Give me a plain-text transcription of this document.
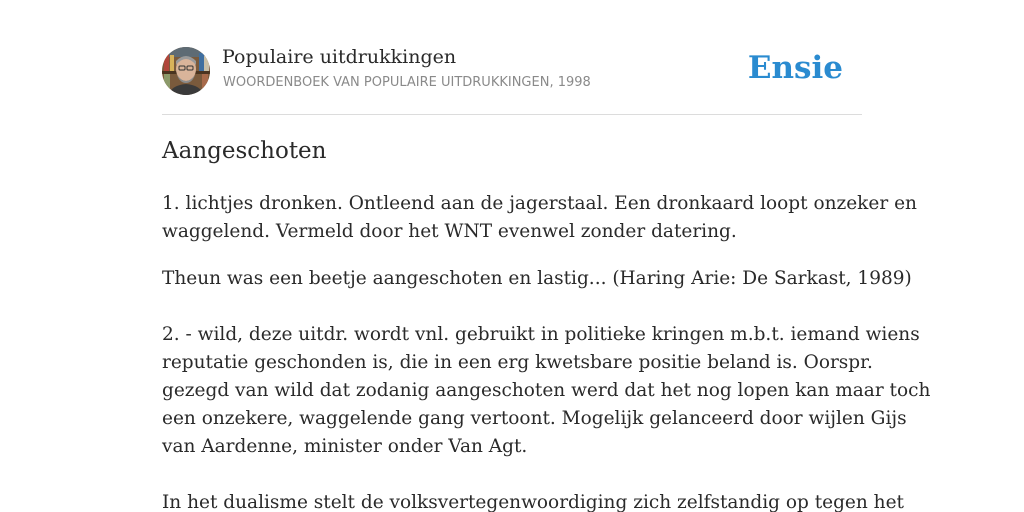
Populaire uitdrukkingen
WOORDENBOEK VAN POPULAIRE UITDRUKKINGEN, 1998	Ensie
Aangeschoten

1. lichtjes dronken. Ontleend aan de jagerstaal. Een dronkaard loopt onzeker en

waggelend. Vermeld door het WNT evenwel zonder datering.

Theun was een beetje aangeschoten en lastig... (Haring Arie: De Sarkast, 1989)

2. - wild, deze uitdr. wordt vnl. gebruikt in politieke kringen m.b.t. iemand wiens

reputatie geschonden is, die in een erg kwetsbare positie beland is. Oorspr.

gezegd van wild dat zodanig aangeschoten werd dat het nog lopen kan maar toch

een onzekere, waggelende gang vertoont. Mogelijk gelanceerd door wijlen Gijs

van Aardenne, minister onder Van Agt.

In het dualisme stelt de volksvertegenwoordiging zich zelfstandig op tegen het
